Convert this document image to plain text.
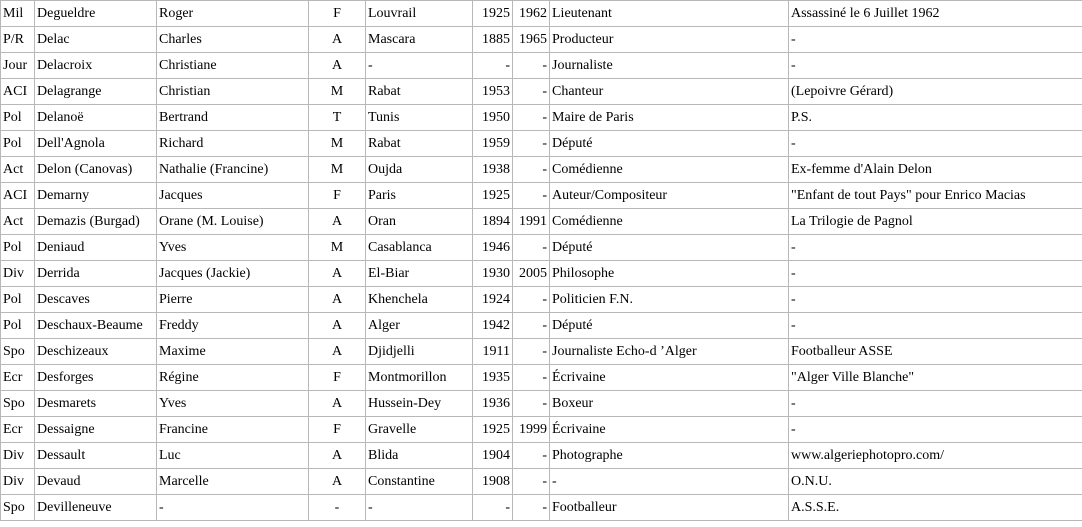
Mil	Degueldre	Roger	F	Louvrail	1925	1962	Lieutenant	Assassiné le 6 Juillet 1962
P/R	Delac	Charles	A	Mascara	1885	1965	Producteur	-
Jour	Delacroix	Christiane	A	-	-	-	Journaliste	-
ACI	Delagrange	Christian	M	Rabat	1953	-	Chanteur	(Lepoivre Gérard)
Pol	Delanoë	Bertrand	T	Tunis	1950	-	Maire de Paris	P.S.
Pol	Dell'Agnola	Richard	M	Rabat	1959	-	Député	-
Act	Delon (Canovas)	Nathalie (Francine)	M	Oujda	1938	-	Comédienne	Ex-femme d'Alain Delon
ACI	Demarny	Jacques	F	Paris	1925	-	Auteur/Compositeur	"Enfant de tout Pays" pour Enrico Macias
Act	Demazis (Burgad)	Orane (M. Louise)	A	Oran	1894	1991	Comédienne	La Trilogie de Pagnol
Pol	Deniaud	Yves	M	Casablanca	1946	-	Député	-
Div	Derrida	Jacques (Jackie)	A	El-Biar	1930	2005	Philosophe	-
Pol	Descaves	Pierre	A	Khenchela	1924	-	Politicien F.N.	-
Pol	Deschaux-Beaume	Freddy	A	Alger	1942	-	Député	-
Spo	Deschizeaux	Maxime	A	Djidjelli	1911	-	Journaliste Echo-d ’Alger	Footballeur ASSE
Ecr	Desforges	Régine	F	Montmorillon	1935	-	Écrivaine	"Alger Ville Blanche"
Spo	Desmarets	Yves	A	Hussein-Dey	1936	-	Boxeur	-
Ecr	Dessaigne	Francine	F	Gravelle	1925	1999	Écrivaine	-
Div	Dessault	Luc	A	Blida	1904	-	Photographe	www.algeriephotopro.com/
Div	Devaud	Marcelle	A	Constantine	1908	-	-	O.N.U.
Spo	Devilleneuve	-	-	-	-	-	Footballeur	A.S.S.E.
